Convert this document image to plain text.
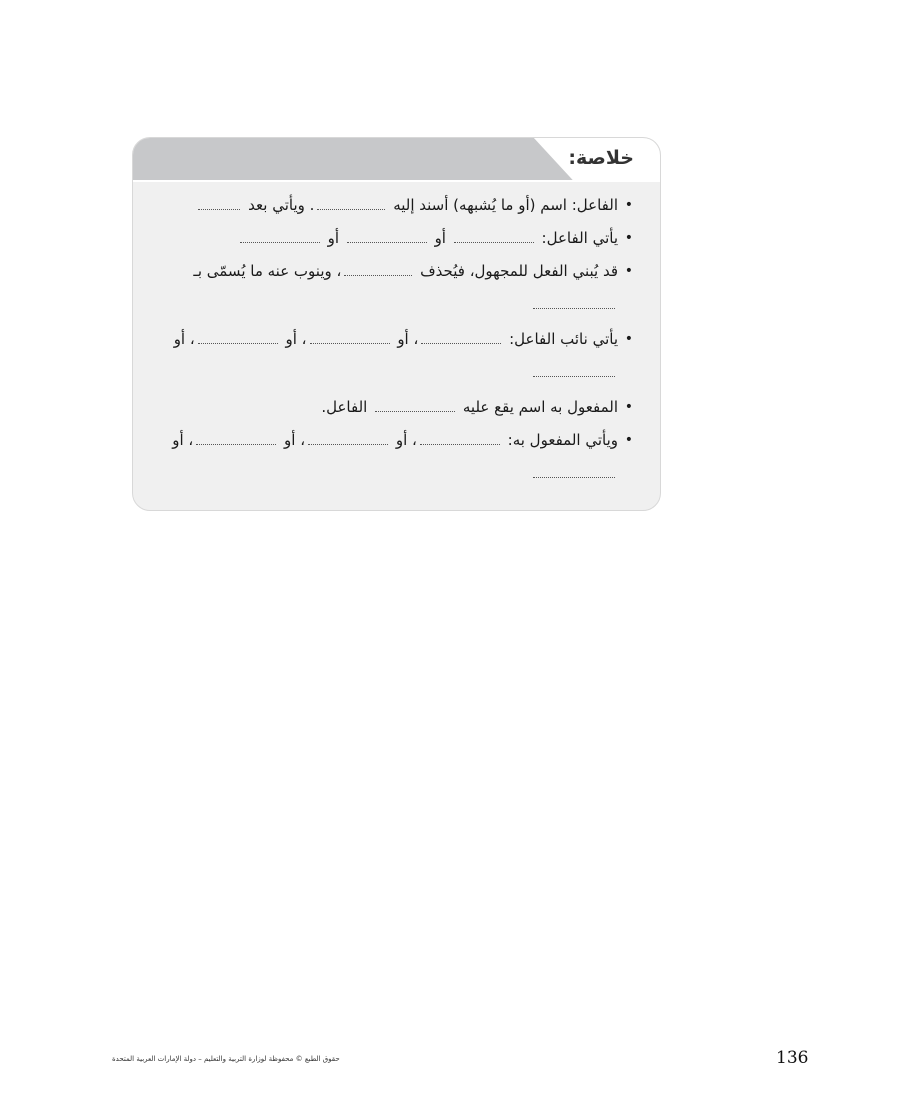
خلاصة:
• الفاعل: اسم (أو ما يُشبهه) أسند إليه . ويأتي بعد
• يأتي الفاعل:  أو  أو
• قد يُبني الفعل للمجهول، فيُحذف ، وينوب عنه ما يُسمّى بـ
• يأتي نائب الفاعل: ، أو ، أو ، أو
• المفعول به اسم يقع عليه  الفاعل.
• ويأتي المفعول به: ، أو ، أو ، أو
حقوق الطبع © محفوظة لوزارة التربية والتعليم – دولة الإمارات العربية المتحدة	136
